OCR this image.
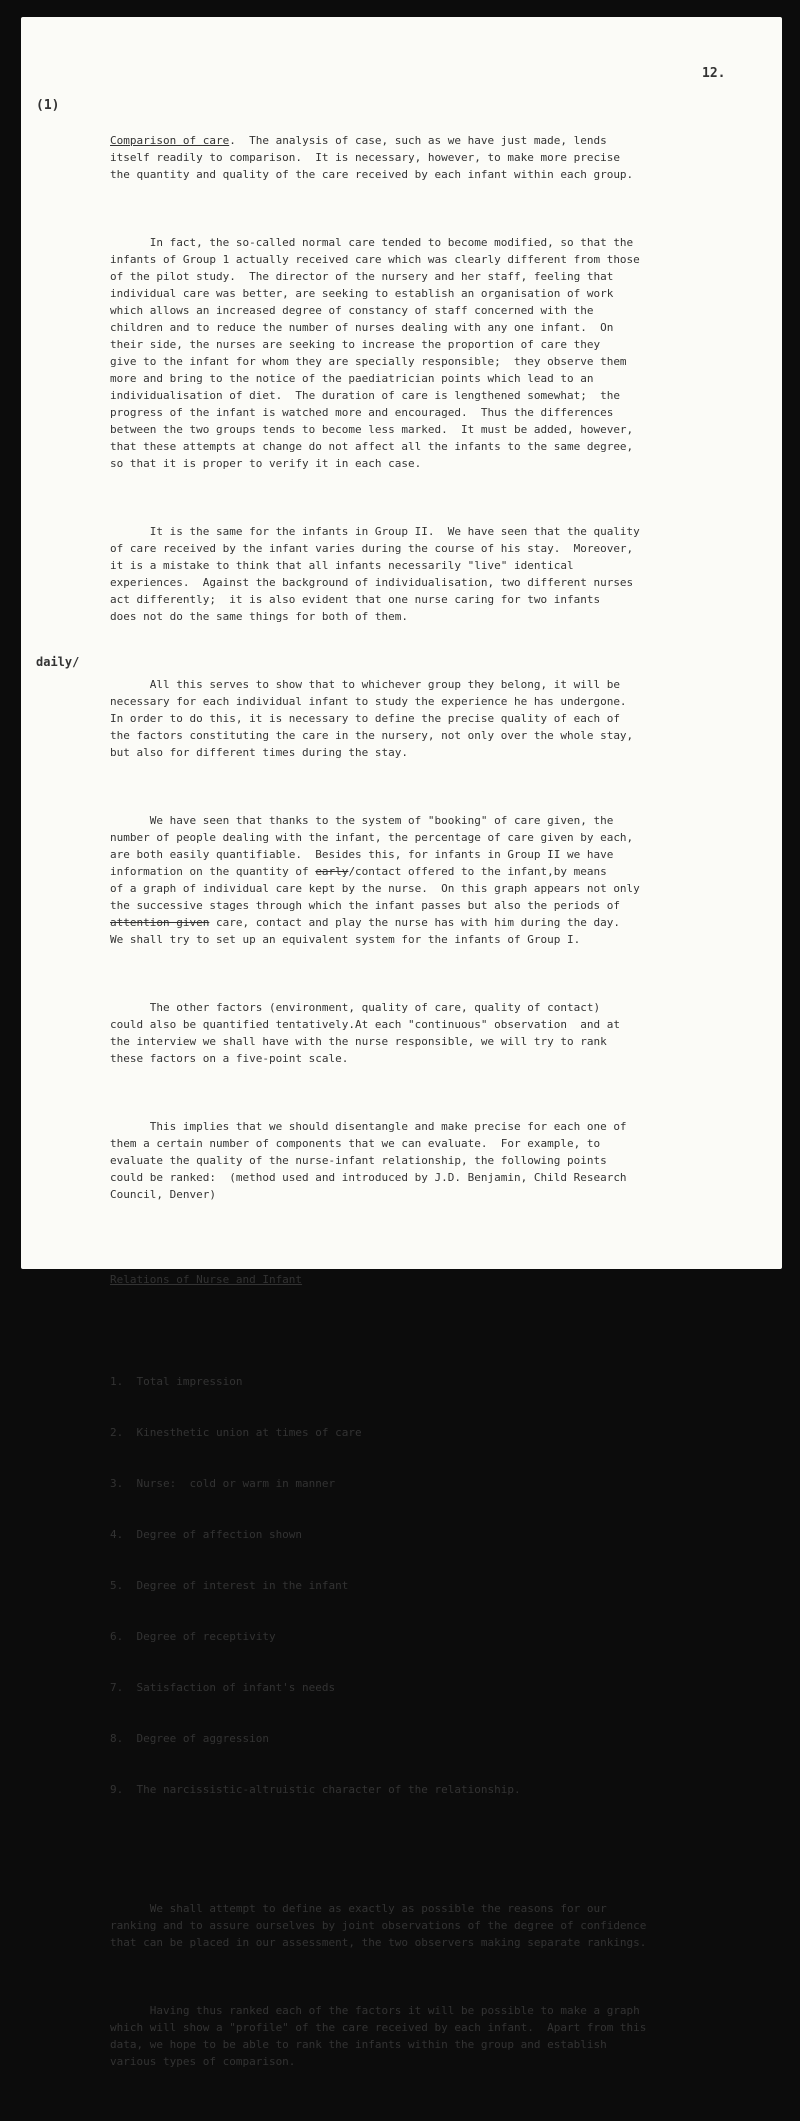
12.
(1)
daily/

Comparison of care.  The analysis of case, such as we have just made, lends
itself readily to comparison.  It is necessary, however, to make more precise
the quantity and quality of the care received by each infant within each group.

In fact, the so-called normal care tended to become modified, so that the
infants of Group 1 actually received care which was clearly different from those
of the pilot study.  The director of the nursery and her staff, feeling that
individual care was better, are seeking to establish an organisation of work
which allows an increased degree of constancy of staff concerned with the
children and to reduce the number of nurses dealing with any one infant.  On
their side, the nurses are seeking to increase the proportion of care they
give to the infant for whom they are specially responsible;  they observe them
more and bring to the notice of the paediatrician points which lead to an
individualisation of diet.  The duration of care is lengthened somewhat;  the
progress of the infant is watched more and encouraged.  Thus the differences
between the two groups tends to become less marked.  It must be added, however,
that these attempts at change do not affect all the infants to the same degree,
so that it is proper to verify it in each case.

It is the same for the infants in Group II.  We have seen that the quality
of care received by the infant varies during the course of his stay.  Moreover,
it is a mistake to think that all infants necessarily "live" identical
experiences.  Against the background of individualisation, two different nurses
act differently;  it is also evident that one nurse caring for two infants
does not do the same things for both of them.

All this serves to show that to whichever group they belong, it will be
necessary for each individual infant to study the experience he has undergone.
In order to do this, it is necessary to define the precise quality of each of
the factors constituting the care in the nursery, not only over the whole stay,
but also for different times during the stay.

We have seen that thanks to the system of "booking" of care given, the
number of people dealing with the infant, the percentage of care given by each,
are both easily quantifiable.  Besides this, for infants in Group II we have
information on the quantity of early/contact offered to the infant,by means
of a graph of individual care kept by the nurse.  On this graph appears not only
the successive stages through which the infant passes but also the periods of
attention given care, contact and play the nurse has with him during the day.
We shall try to set up an equivalent system for the infants of Group I.

The other factors (environment, quality of care, quality of contact)
could also be quantified tentatively.At each "continuous" observation  and at
the interview we shall have with the nurse responsible, we will try to rank
these factors on a five-point scale.

This implies that we should disentangle and make precise for each one of
them a certain number of components that we can evaluate.  For example, to
evaluate the quality of the nurse-infant relationship, the following points
could be ranked:  (method used and introduced by J.D. Benjamin, Child Research
Council, Denver)

Relations of Nurse and Infant

1.  Total impression

2.  Kinesthetic union at times of care

3.  Nurse:  cold or warm in manner

4.  Degree of affection shown

5.  Degree of interest in the infant

6.  Degree of receptivity

7.  Satisfaction of infant's needs

8.  Degree of aggression

9.  The narcissistic-altruistic character of the relationship.

We shall attempt to define as exactly as possible the reasons for our
ranking and to assure ourselves by joint observations of the degree of confidence
that can be placed in our assessment, the two observers making separate rankings.

Having thus ranked each of the factors it will be possible to make a graph
which will show a "profile" of the care received by each infant.  Apart from this
data, we hope to be able to rank the infants within the group and establish
various types of comparison.
